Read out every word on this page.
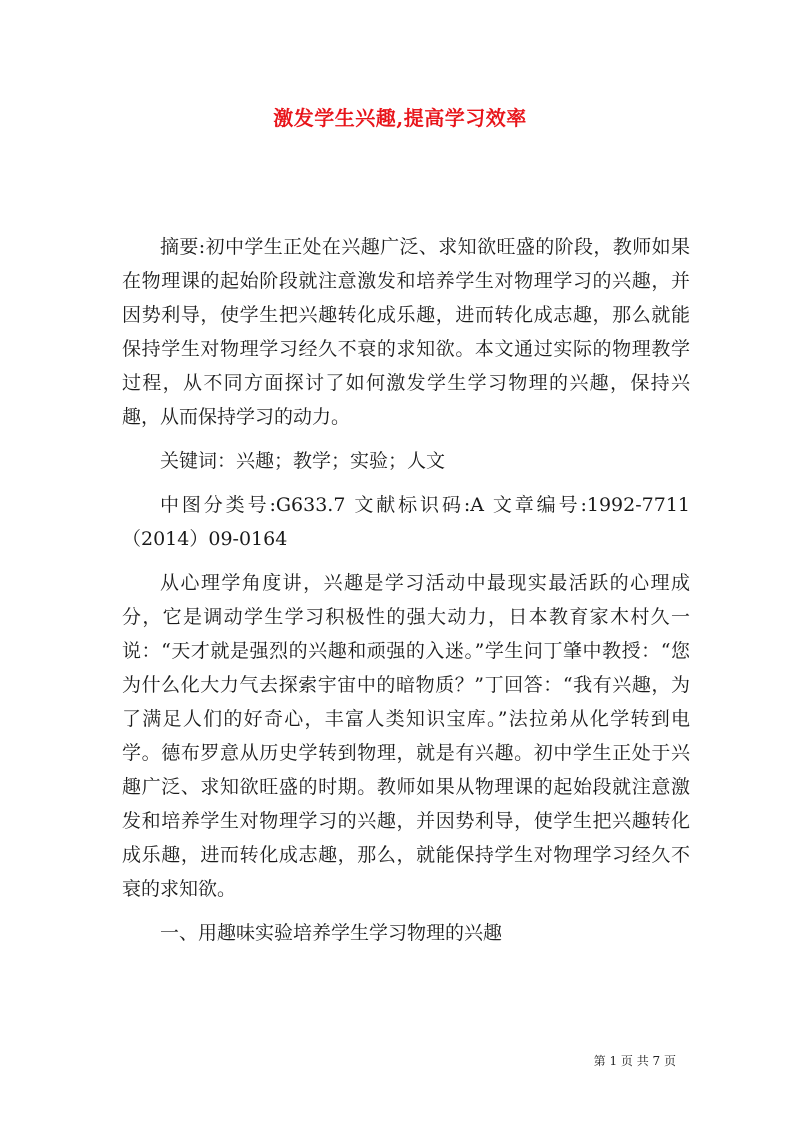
激发学生兴趣,提高学习效率

摘要:初中学生正处在兴趣广泛、求知欲旺盛的阶段，教师如果在物理课的起始阶段就注意激发和培养学生对物理学习的兴趣，并因势利导，使学生把兴趣转化成乐趣，进而转化成志趣，那么就能保持学生对物理学习经久不衰的求知欲。本文通过实际的物理教学过程，从不同方面探讨了如何激发学生学习物理的兴趣，保持兴趣，从而保持学习的动力。

关键词：兴趣；教学；实验；人文

中图分类号:G633.7 文献标识码:A 文章编号:1992-7711（2014）09-0164

从心理学角度讲，兴趣是学习活动中最现实最活跃的心理成分，它是调动学生学习积极性的强大动力，日本教育家木村久一说：“天才就是强烈的兴趣和顽强的入迷。”学生问丁肇中教授：“您为什么化大力气去探索宇宙中的暗物质？”丁回答：“我有兴趣，为了满足人们的好奇心，丰富人类知识宝库。”法拉弟从化学转到电学。德布罗意从历史学转到物理，就是有兴趣。初中学生正处于兴趣广泛、求知欲旺盛的时期。教师如果从物理课的起始段就注意激发和培养学生对物理学习的兴趣，并因势利导，使学生把兴趣转化成乐趣，进而转化成志趣，那么，就能保持学生对物理学习经久不衰的求知欲。

一、用趣味实验培养学生学习物理的兴趣

第 1 页 共 7 页
